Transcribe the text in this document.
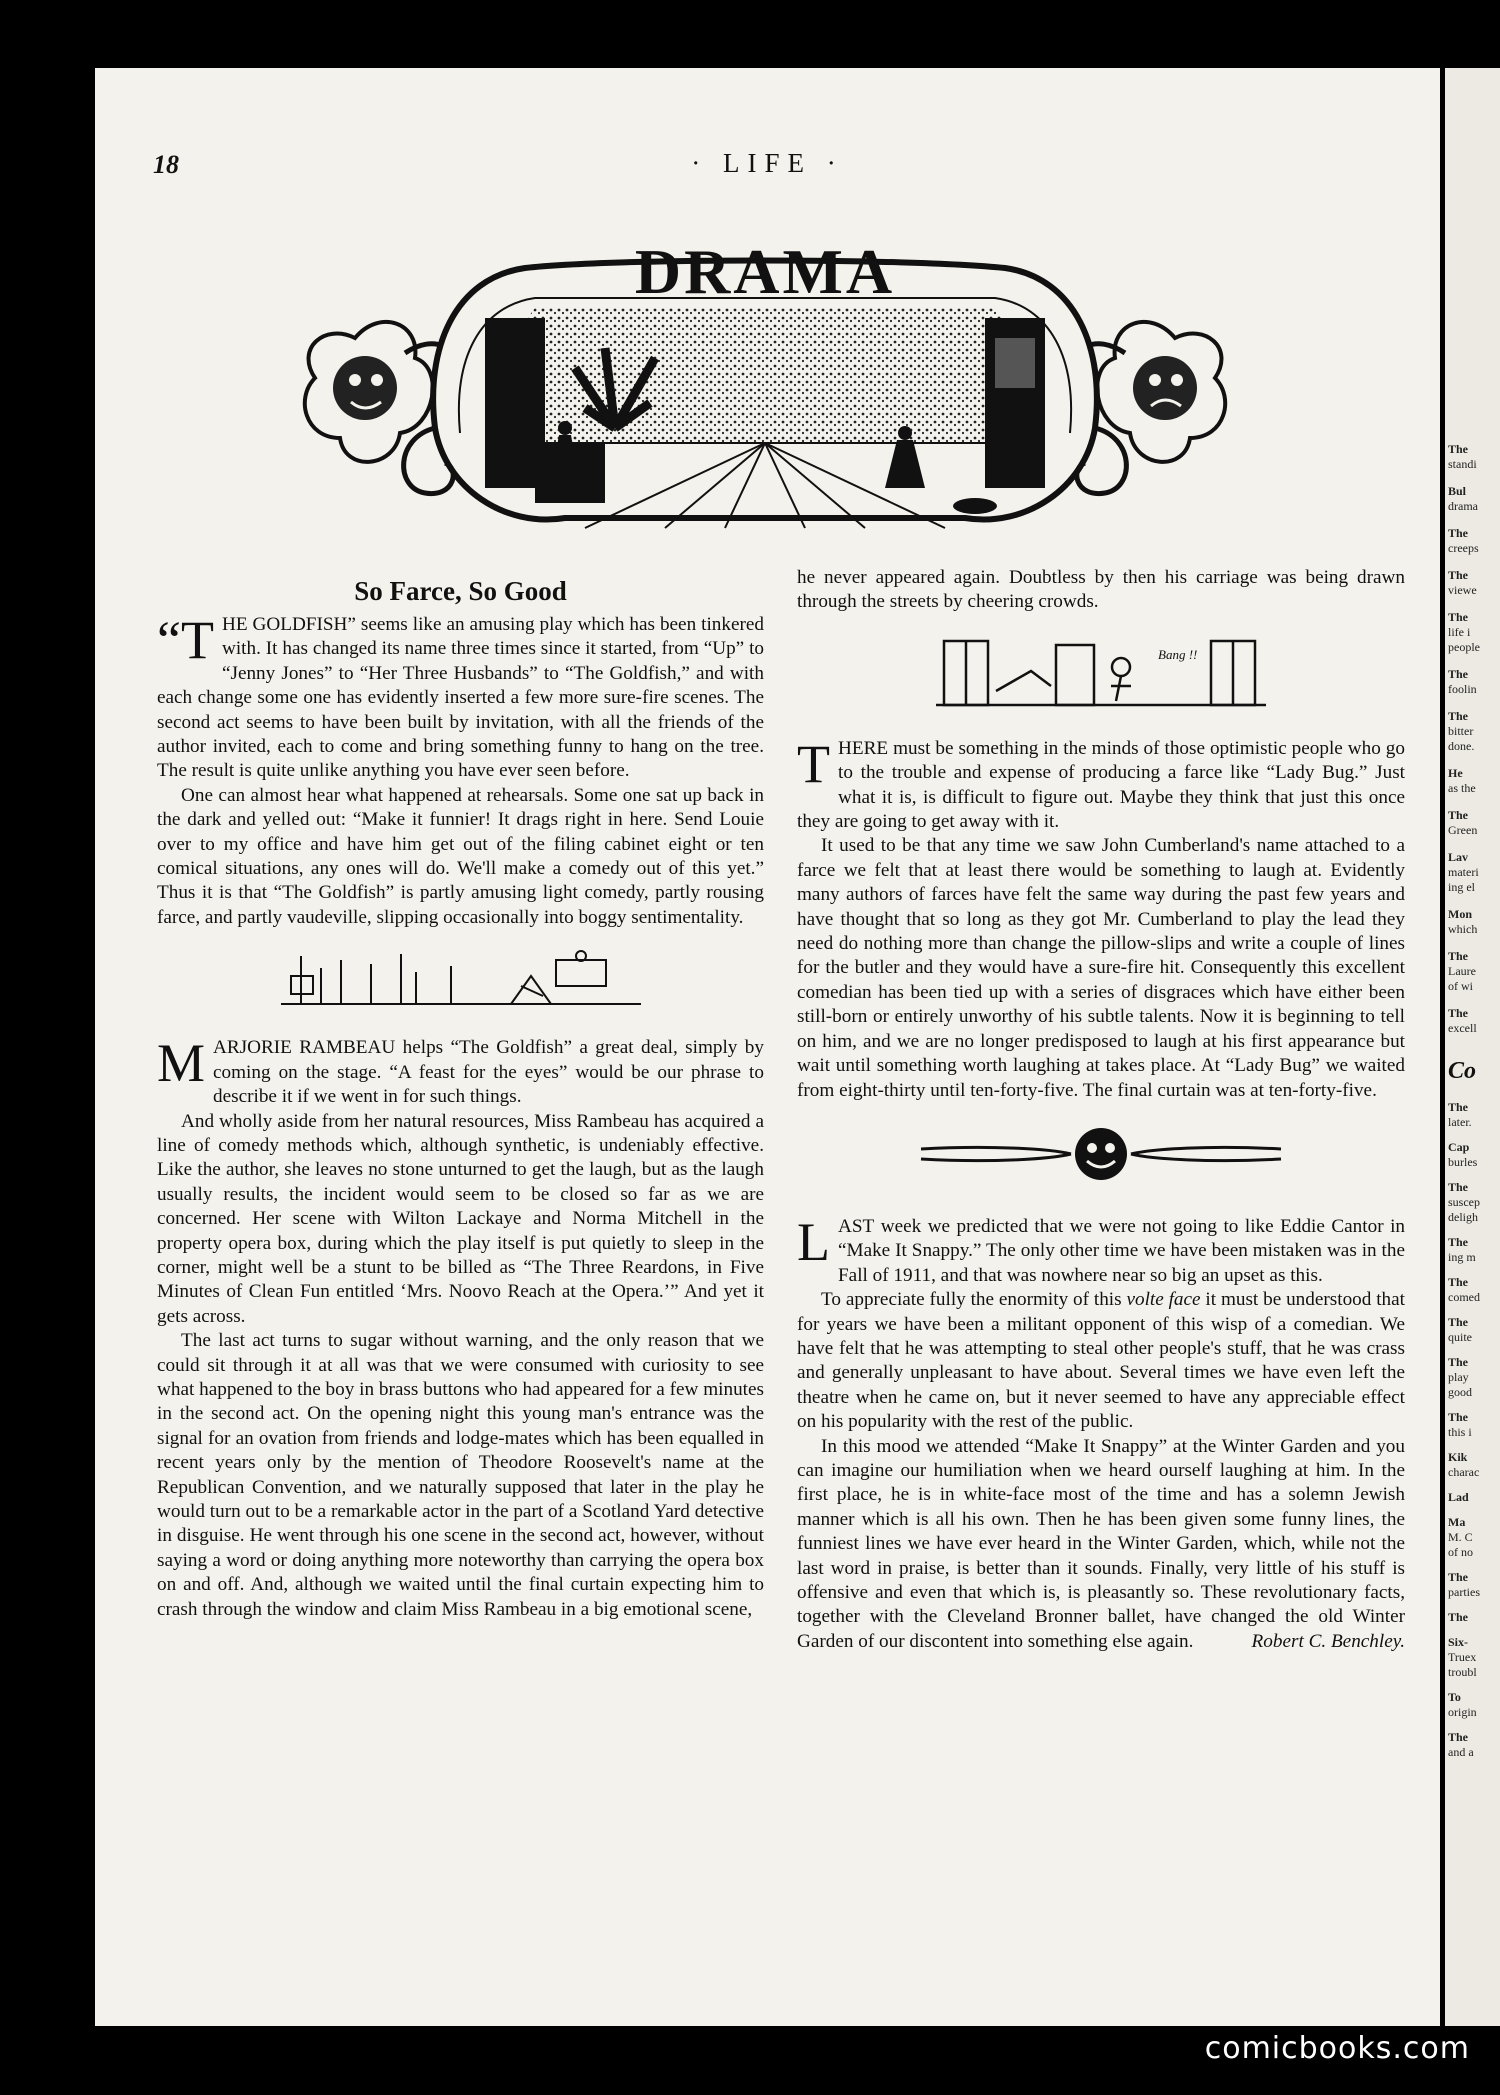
18	· LIFE ·
DRAMA
So Farce, So Good

“T HE GOLDFISH” seems like an amusing play which has been tinkered with. It has changed its name three times since it started, from “Up” to “Jenny Jones” to “Her Three Husbands” to “The Goldfish,” and with each change some one has evidently inserted a few more sure-fire scenes. The second act seems to have been built by invitation, with all the friends of the author invited, each to come and bring something funny to hang on the tree. The result is quite unlike anything you have ever seen before.

One can almost hear what happened at rehearsals. Some one sat up back in the dark and yelled out: “Make it funnier! It drags right in here. Send Louie over to my office and have him get out of the filing cabinet eight or ten comical situations, any ones will do. We'll make a comedy out of this yet.” Thus it is that “The Goldfish” is partly amusing light comedy, partly rousing farce, and partly vaudeville, slipping occasionally into boggy sentimentality.

MARJORIE RAMBEAU helps “The Goldfish” a great deal, simply by coming on the stage. “A feast for the eyes” would be our phrase to describe it if we went in for such things.

And wholly aside from her natural resources, Miss Rambeau has acquired a line of comedy methods which, although synthetic, is undeniably effective. Like the author, she leaves no stone unturned to get the laugh, but as the laugh usually results, the incident would seem to be closed so far as we are concerned. Her scene with Wilton Lackaye and Norma Mitchell in the property opera box, during which the play itself is put quietly to sleep in the corner, might well be a stunt to be billed as “The Three Reardons, in Five Minutes of Clean Fun entitled ‘Mrs. Noovo Reach at the Opera.’” And yet it gets across.

The last act turns to sugar without warning, and the only reason that we could sit through it at all was that we were consumed with curiosity to see what happened to the boy in brass buttons who had appeared for a few minutes in the second act. On the opening night this young man's entrance was the signal for an ovation from friends and lodge-mates which has been equalled in recent years only by the mention of Theodore Roosevelt's name at the Republican Convention, and we naturally supposed that later in the play he would turn out to be a remarkable actor in the part of a Scotland Yard detective in disguise. He went through his one scene in the second act, however, without saying a word or doing anything more noteworthy than carrying the opera box on and off. And, although we waited until the final curtain expecting him to crash through the window and claim Miss Rambeau in a big emotional scene,

he never appeared again. Doubtless by then his carriage was being drawn through the streets by cheering crowds.

Bang !!

THERE must be something in the minds of those optimistic people who go to the trouble and expense of producing a farce like “Lady Bug.” Just what it is, is difficult to figure out. Maybe they think that just this once they are going to get away with it.

It used to be that any time we saw John Cumberland's name attached to a farce we felt that at least there would be something to laugh at. Evidently many authors of farces have felt the same way during the past few years and have thought that so long as they got Mr. Cumberland to play the lead they need do nothing more than change the pillow-slips and write a couple of lines for the butler and they would have a sure-fire hit. Consequently this excellent comedian has been tied up with a series of disgraces which have either been still-born or entirely unworthy of his subtle talents. Now it is beginning to tell on him, and we are no longer predisposed to laugh at his first appearance but wait until something worth laughing at takes place. At “Lady Bug” we waited from eight-thirty until ten-forty-five. The final curtain was at ten-forty-five.

LAST week we predicted that we were not going to like Eddie Cantor in “Make It Snappy.” The only other time we have been mistaken was in the Fall of 1911, and that was nowhere near so big an upset as this.

To appreciate fully the enormity of this volte face it must be understood that for years we have been a militant opponent of this wisp of a comedian. We have felt that he was attempting to steal other people's stuff, that he was crass and generally unpleasant to have about. Several times we have even left the theatre when he came on, but it never seemed to have any appreciable effect on his popularity with the rest of the public.

In this mood we attended “Make It Snappy” at the Winter Garden and you can imagine our humiliation when we heard ourself laughing at him. In the first place, he is in white-face most of the time and has a solemn Jewish manner which is all his own. Then he has been given some funny lines, the funniest lines we have ever heard in the Winter Garden, which, while not the last word in praise, is better than it sounds. Finally, very little of his stuff is offensive and even that which is, is pleasantly so. These revolutionary facts, together with the Cleveland Bronner ballet, have changed the old Winter Garden of our discontent into something else again.	Robert C. Benchley.

The
standi
Bul
drama
The
creeps
The
viewe
The
life i
people
The
foolin
The
bitter
done.
He
as the
The
Green
Lav
materi
ing el
Mon
which
The
Laure
of wi
The
excell
Co
The
later.
Cap
burles
The
suscep
deligh
The
ing m
The
comed
The
quite
The
play
good
The
this i
Kik
charac
Lad
Ma
M. C
of no
The
parties
The
Six-
Truex
troubl
To
origin
The
and a
comicbooks.com
